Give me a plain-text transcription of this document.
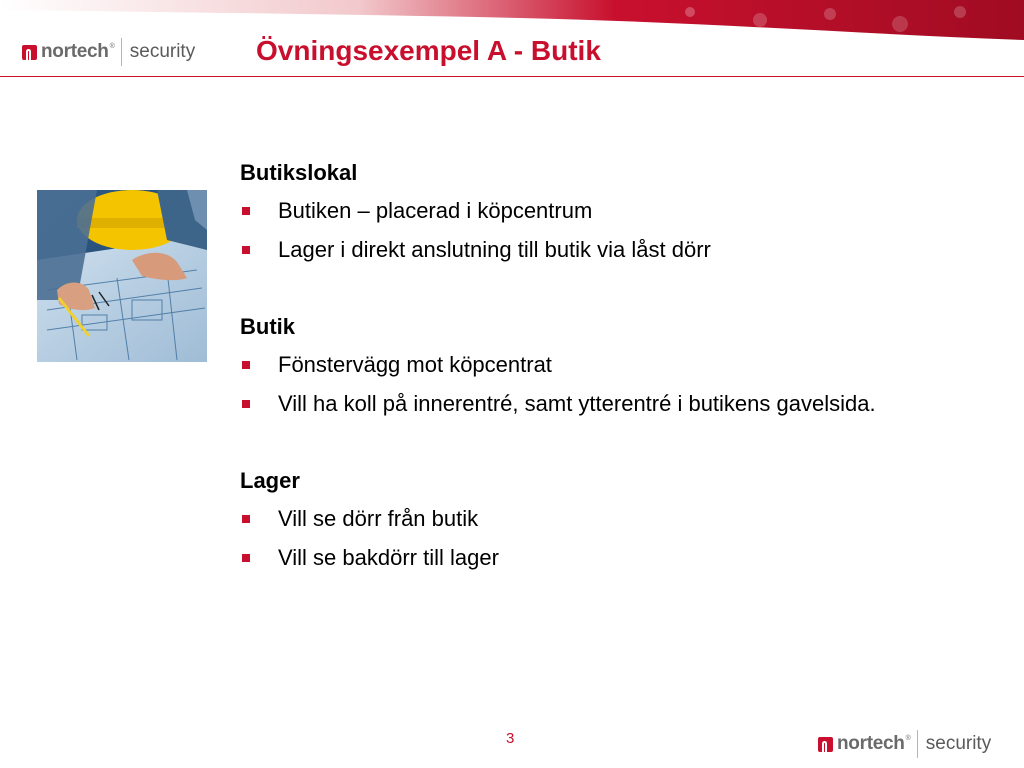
nortech ® security Övningsexempel A - Butik

Butikslokal

Butiken – placerad i köpcentrum
Lager i direkt anslutning till butik via låst dörr

Butik

Fönstervägg mot köpcentrat
Vill ha koll på innerentré, samt ytterentré i butikens gavelsida.

Lager

Vill se dörr från butik
Vill se bakdörr till lager
3	nortech ® security
